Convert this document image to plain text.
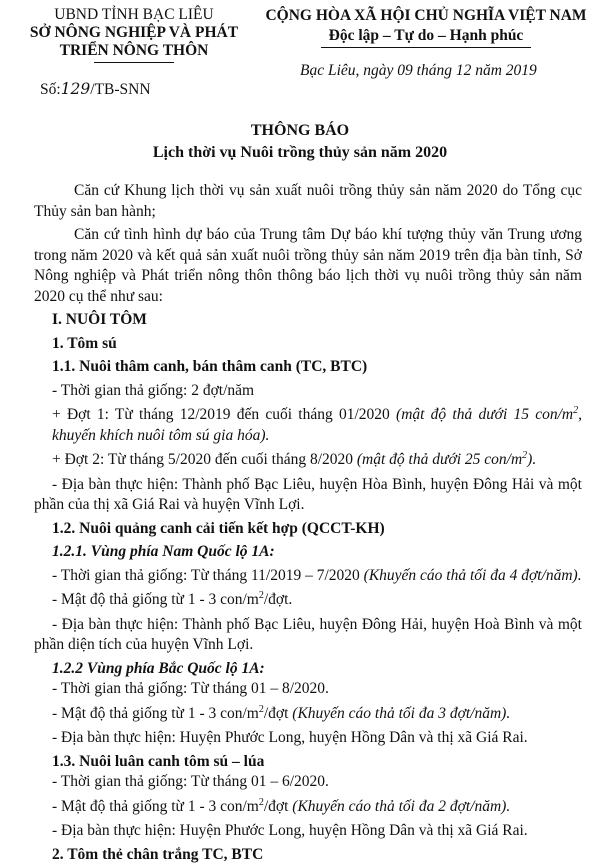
UBND TỈNH BẠC LIÊU
SỞ NÔNG NGHIỆP VÀ PHÁT
TRIỂN NÔNG THÔN
Số:129/TB-SNN
CỘNG HÒA XÃ HỘI CHỦ NGHĨA VIỆT NAM
Độc lập – Tự do – Hạnh phúc
Bạc Liêu, ngày 09 tháng 12 năm 2019
THÔNG BÁO
Lịch thời vụ Nuôi trồng thủy sản năm 2020

Căn cứ Khung lịch thời vụ sản xuất nuôi trồng thủy sản năm 2020 do Tổng cục Thủy sản ban hành;

Căn cứ tình hình dự báo của Trung tâm Dự báo khí tượng thủy văn Trung ương trong năm 2020 và kết quả sản xuất nuôi trồng thủy sản năm 2019 trên địa bàn tỉnh, Sở Nông nghiệp và Phát triển nông thôn thông báo lịch thời vụ nuôi trồng thủy sản năm 2020 cụ thể như sau:

I. NUÔI TÔM

1. Tôm sú

1.1. Nuôi thâm canh, bán thâm canh (TC, BTC)

- Thời gian thả giống: 2 đợt/năm

+ Đợt 1: Từ tháng 12/2019 đến cuối tháng 01/2020 (mật độ thả dưới 15 con/$m^2$, khuyến khích nuôi tôm sú gia hóa).

+ Đợt 2: Từ tháng 5/2020 đến cuối tháng 8/2020 (mật độ thả dưới 25 con/$m^2$).

- Địa bàn thực hiện: Thành phố Bạc Liêu, huyện Hòa Bình, huyện Đông Hải và một phần của thị xã Giá Rai và huyện Vĩnh Lợi.

1.2. Nuôi quảng canh cải tiến kết hợp (QCCT-KH)

1.2.1. Vùng phía Nam Quốc lộ 1A:

- Thời gian thả giống: Từ tháng 11/2019 – 7/2020 (Khuyến cáo thả tối đa 4 đợt/năm).

- Mật độ thả giống từ 1 - 3 con/$m^2$/đợt.

- Địa bàn thực hiện: Thành phố Bạc Liêu, huyện Đông Hải, huyện Hoà Bình và một phần diện tích của huyện Vĩnh Lợi.

1.2.2 Vùng phía Bắc Quốc lộ 1A:

- Thời gian thả giống: Từ tháng 01 – 8/2020.

- Mật độ thả giống từ 1 - 3 con/$m^2$/đợt (Khuyến cáo thả tối đa 3 đợt/năm).

- Địa bàn thực hiện: Huyện Phước Long, huyện Hồng Dân và thị xã Giá Rai.

1.3. Nuôi luân canh tôm sú – lúa

- Thời gian thả giống: Từ tháng 01 – 6/2020.

- Mật độ thả giống từ 1 - 3 con/$m^2$/đợt (Khuyến cáo thả tối đa 2 đợt/năm).

- Địa bàn thực hiện: Huyện Phước Long, huyện Hồng Dân và thị xã Giá Rai.

2. Tôm thẻ chân trắng TC, BTC
